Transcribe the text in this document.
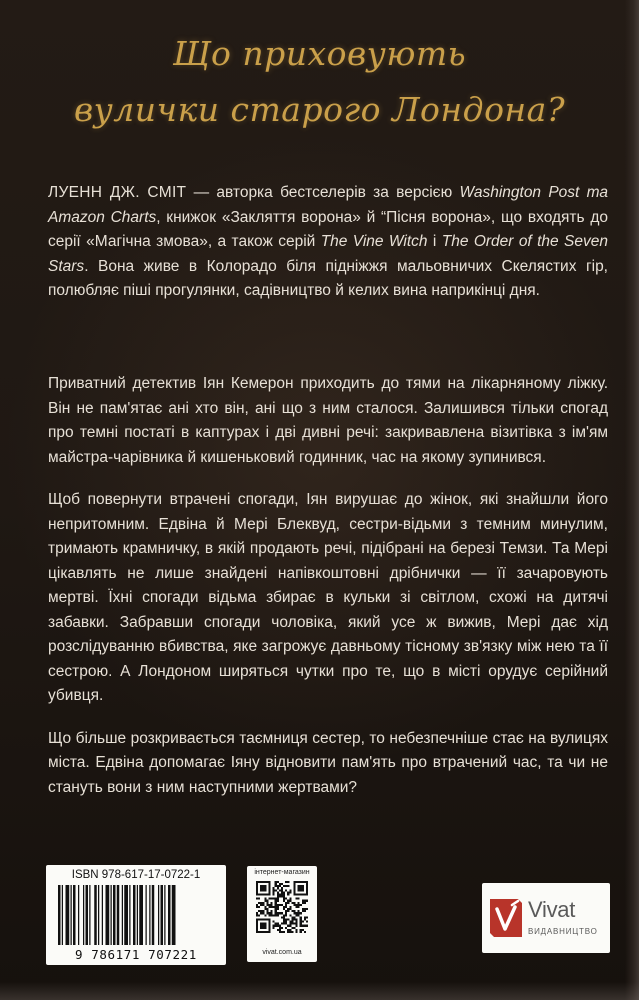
Що приховують
вулички старого Лондона?
ЛУЕНН ДЖ. СМІТ — авторка бестселерів за версією Washington Post та Amazon Charts, книжок «Закляття ворона» й “Пісня ворона», що входять до серії «Магічна змова», а також серій The Vine Witch і The Order of the Seven Stars. Вона живе в Колорадо біля підніжжя мальовничих Скелястих гір, полюбляє піші прогулянки, садівництво й келих вина наприкінці дня.

Приватний детектив Іян Кемерон приходить до тями на лікарняному ліжку. Він не пам'ятає ані хто він, ані що з ним сталося. Залишився тільки спогад про темні постаті в каптурах і дві дивні речі: закривавлена візитівка з ім'ям майстра-чарівника й кишеньковий годинник, час на якому зупинився.

Щоб повернути втрачені спогади, Іян вирушає до жінок, які знайшли його непритомним. Едвіна й Мері Блеквуд, сестри-відьми з темним минулим, тримають крамничку, в якій продають речі, підібрані на березі Темзи. Та Мері цікавлять не лише знайдені напівкоштовні дрібнички — її зачаровують мертві. Їхні спогади відьма збирає в кульки зі світлом, схожі на дитячі забавки. Забравши спогади чоловіка, який усе ж вижив, Мері дає хід розслідуванню вбивства, яке загрожує давньому тісному зв'язку між нею та її сестрою. А Лондоном ширяться чутки про те, що в місті орудує серійний убивця.

Що більше розкривається таємниця сестер, то небезпечніше стає на вулицях міста. Едвіна допомагає Іяну відновити пам'ять про втрачений час, та чи не стануть вони з ним наступними жертвами?

ISBN 978-617-17-0722-1
9 786171 707221
інтернет-магазин
vivat.com.ua
Vivat
ВИДАВНИЦТВО
